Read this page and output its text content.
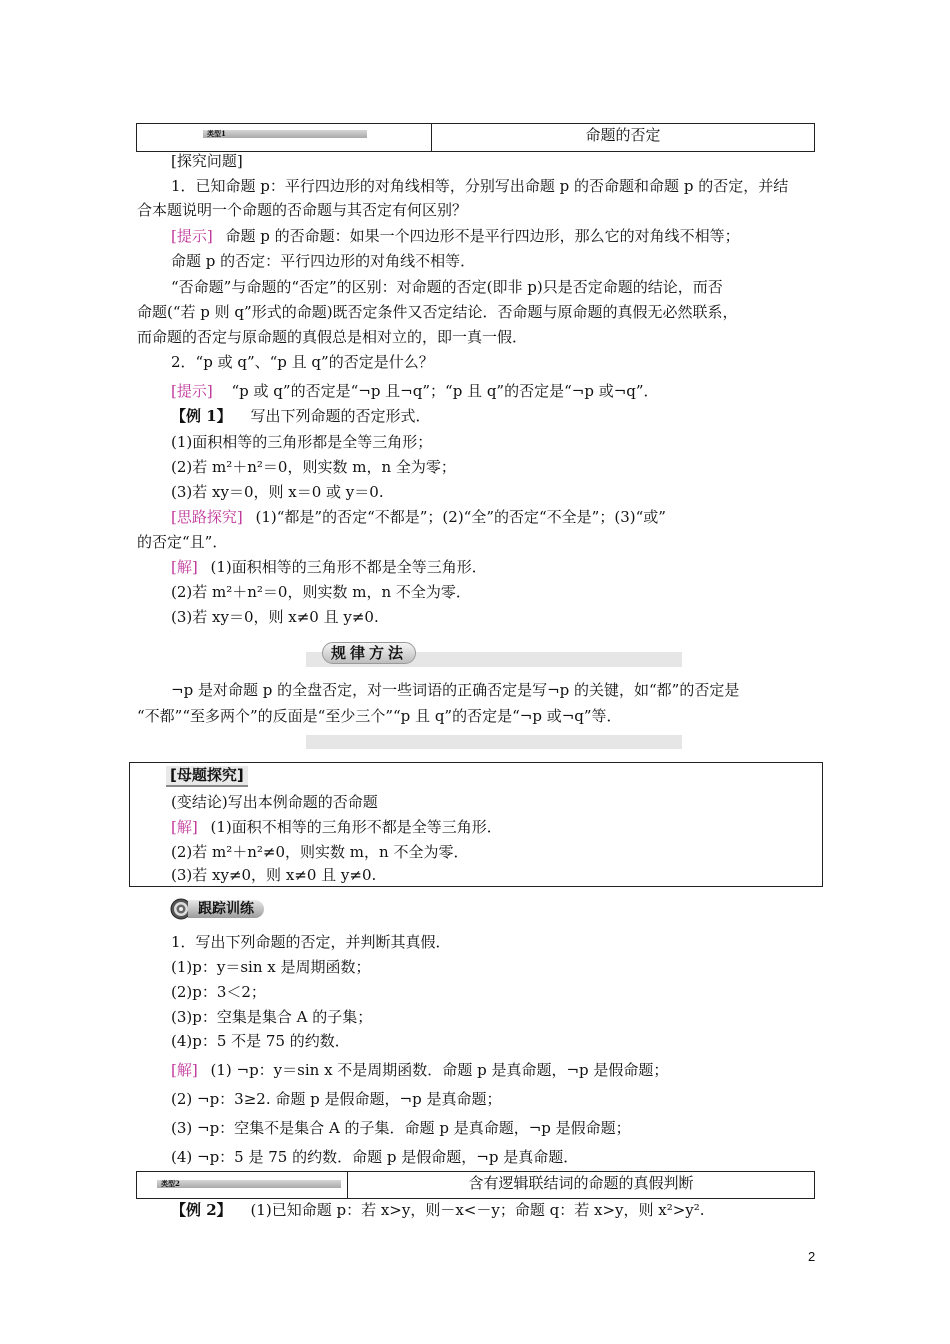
类型1	命题的否定
[探究问题]
1．已知命题 p：平行四边形的对角线相等，分别写出命题 p 的否命题和命题 p 的否定，并结
合本题说明一个命题的否命题与其否定有何区别？
[提示] 命题 p 的否命题：如果一个四边形不是平行四边形，那么它的对角线不相等；
命题 p 的否定：平行四边形的对角线不相等．
“否命题”与命题的“否定”的区别：对命题的否定(即非 p)只是否定命题的结论，而否
命题(“若 p 则 q”形式的命题)既否定条件又否定结论．否命题与原命题的真假无必然联系，
而命题的否定与原命题的真假总是相对立的，即一真一假．
2．“p 或 q”、“p 且 q”的否定是什么？
[提示] “p 或 q”的否定是“¬p 且¬q”；“p 且 q”的否定是“¬p 或¬q”．
【例 1】 写出下列命题的否定形式．
(1)面积相等的三角形都是全等三角形；
(2)若 m²＋n²＝0，则实数 m，n 全为零；
(3)若 xy＝0，则 x＝0 或 y＝0.
[思路探究] (1)“都是”的否定“不都是”；(2)“全”的否定“不全是”；(3)“或”
的否定“且”．
[解] (1)面积相等的三角形不都是全等三角形．
(2)若 m²＋n²＝0，则实数 m，n 不全为零．
(3)若 xy＝0，则 x≠0 且 y≠0.
规律方法
¬p 是对命题 p 的全盘否定，对一些词语的正确否定是写¬p 的关键，如“都”的否定是
“不都”“至多两个”的反面是“至少三个”“p 且 q”的否定是“¬p 或¬q”等．
[母题探究]
(变结论)写出本例命题的否命题
[解] (1)面积不相等的三角形不都是全等三角形．
(2)若 m²＋n²≠0，则实数 m，n 不全为零．
(3)若 xy≠0，则 x≠0 且 y≠0.
跟踪训练
1．写出下列命题的否定，并判断其真假．
(1)p：y＝sin x 是周期函数；
(2)p：3＜2；
(3)p：空集是集合 A 的子集；
(4)p：5 不是 75 的约数．
[解] (1) ¬p：y＝sin x 不是周期函数．命题 p 是真命题，¬p 是假命题；
(2) ¬p：3≥2. 命题 p 是假命题，¬p 是真命题；
(3) ¬p：空集不是集合 A 的子集．命题 p 是真命题，¬p 是假命题；
(4) ¬p：5 是 75 的约数．命题 p 是假命题，¬p 是真命题．
类型2	含有逻辑联结词的命题的真假判断
【例 2】 (1)已知命题 p：若 x>y，则－x<－y；命题 q：若 x>y，则 x²>y².
2
